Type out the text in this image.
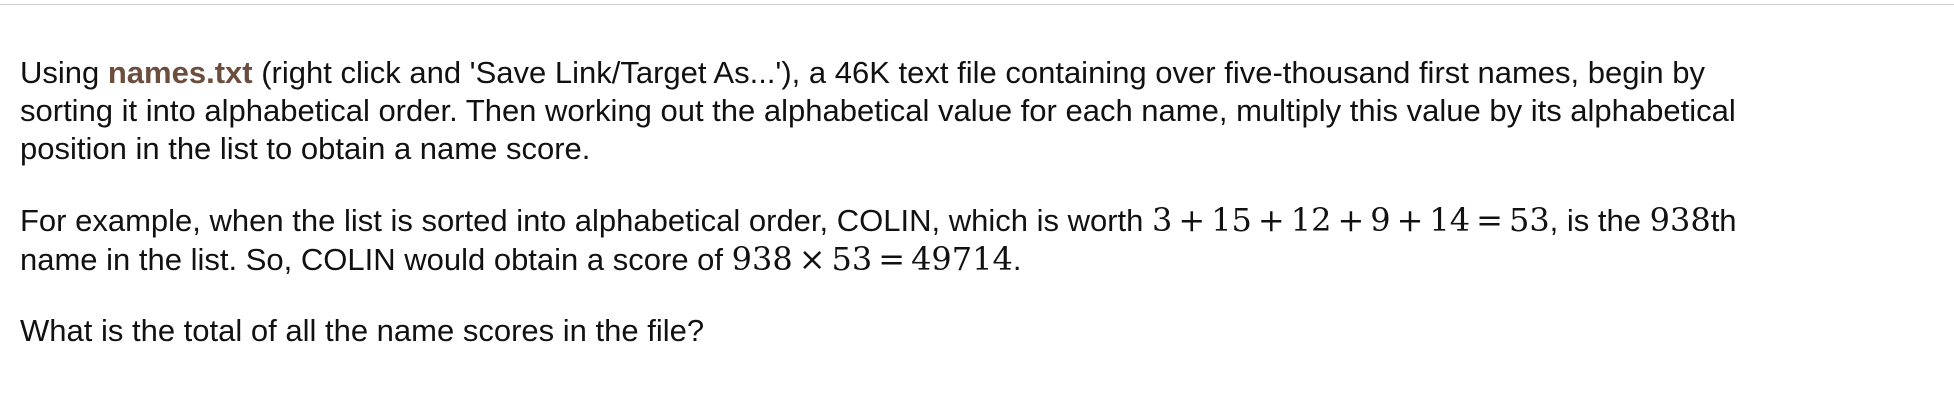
Using names.txt (right click and 'Save Link/Target As...'), a 46K text file containing over five-thousand first names, begin by
sorting it into alphabetical order. Then working out the alphabetical value for each name, multiply this value by its alphabetical
position in the list to obtain a name score.

For example, when the list is sorted into alphabetical order, COLIN, which is worth 3 + 15 + 12 + 9 + 14 = 53, is the 938th
name in the list. So, COLIN would obtain a score of 938 × 53 = 49714.

What is the total of all the name scores in the file?
